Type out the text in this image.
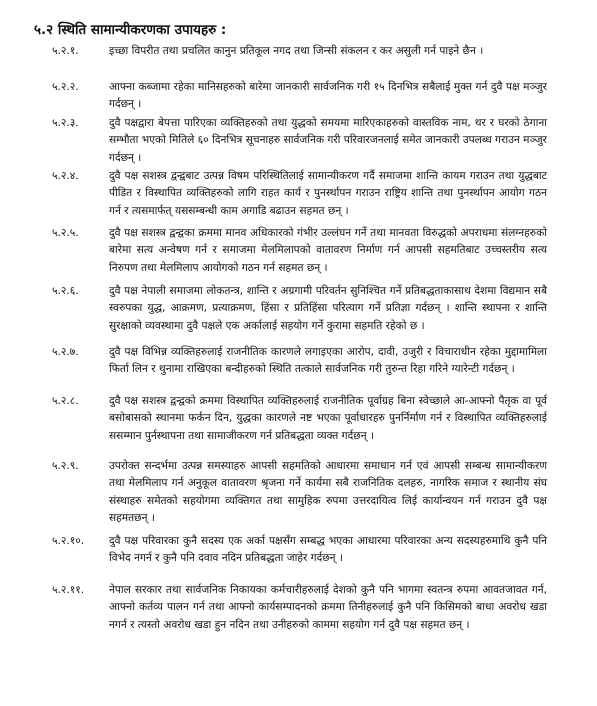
५.२ स्थिति सामान्यीकरणका उपायहरु :
५.२.१.	इच्छा विपरीत तथा प्रचलित कानुन प्रतिकूल नगद तथा जिन्सी संकलन र कर असुली गर्न पाइने छैन ।
५.२.२.	आफ्ना कब्जामा रहेका मानिसहरुको बारेमा जानकारी सार्वजनिक गरी १५ दिनभित्र सबैलाई मुक्त गर्न दुवै पक्ष मञ्जुर गर्दछन् ।
५.२.३.	दुवै पक्षद्वारा बेपत्ता पारिएका व्यक्तिहरुको तथा युद्धको समयमा मारिएकाहरुको वास्तविक नाम, थर र घरको ठेगाना सम्भौता भएको मितिले ६० दिनभित्र सूचनाहरु सार्वजनिक गरी परिवारजनलाई समेत जानकारी उपलब्ध गराउन मञ्जुर गर्दछन् ।
५.२.४.	दुवै पक्ष सशस्त्र द्वन्द्वबाट उत्पन्न विषम परिस्थितिलाई सामान्यीकरण गर्दै समाजमा शान्ति कायम गराउन तथा युद्धबाट पीडित र विस्थापित व्यक्तिहरुको लागि राहत कार्य र पुनर्स्थापन गराउन राष्ट्रिय शान्ति तथा पुनर्स्थापन आयोग गठन गर्न र त्यसमार्फत् यससम्बन्धी काम अगाडि बढाउन सहमत छन् ।
५.२.५.	दुवै पक्ष सशस्त्र द्वन्द्वका क्रममा मानव अधिकारको गंभीर उल्लंघन गर्ने तथा मानवता विरुद्धको अपराधमा संलग्नहरुको बारेमा सत्य अन्वेषण गर्न र समाजमा मेलमिलापको वातावरण निर्माण गर्न आपसी सहमतिबाट उच्चस्तरीय सत्य निरुपण तथा मेलमिलाप आयोगको गठन गर्न सहमत छन् ।
५.२.६.	दुवै पक्ष नेपाली समाजमा लोकतन्त्र, शान्ति र अग्रगामी परिवर्तन सुनिश्चित गर्ने प्रतिबद्धताकासाथ देशमा विद्यमान सबै स्वरुपका युद्ध, आक्रमण, प्रत्याक्रमण, हिंसा र प्रतिहिंसा परित्याग गर्ने प्रतिज्ञा गर्दछन् । शान्ति स्थापना र शान्ति सुरक्षाको व्यवस्थामा दुवै पक्षले एक अर्कालाई सहयोग गर्ने कुरामा सहमति रहेको छ ।
५.२.७.	दुवै पक्ष विभिन्न व्यक्तिहरुलाई राजनीतिक कारणले लगाइएका आरोप, दावी, उजुरी र विचाराधीन रहेका मुद्दामामिला फिर्ता लिन र थुनामा राखिएका बन्दीहरुको स्थिति तत्काले सार्वजनिक गरी तुरुन्त रिहा गरिने ग्यारेन्टी गर्दछन् ।
५.२.८.	दुवै पक्ष सशस्त्र द्वन्द्वको क्रममा विस्थापित व्यक्तिहरुलाई राजनीतिक पूर्वाग्रह बिना स्वेच्छाले आ-आफ्नो पैतृक वा पूर्व बसोबासको स्थानमा फर्कन दिन, युद्धका कारणले नष्ट भएका पूर्वाधारहरु पुनर्निर्माण गर्न र विस्थापित व्यक्तिहरुलाई ससम्मान पुर्नस्थापना तथा सामाजीकरण गर्न प्रतिबद्धता व्यक्त गर्दछन् ।
५.२.९.	उपरोक्त सन्दर्भमा उत्पन्न समस्याहरु आपसी सहमतिको आधारमा समाधान गर्न एवं आपसी सम्बन्ध सामान्यीकरण तथा मेलमिलाप गर्न अनुकूल वातावरण श्रृजना गर्ने कार्यमा सबै राजनितिक दलहरु, नागरिक समाज र स्थानीय संघ संस्थाहरु समेतको सहयोगमा व्यक्तिगत तथा सामुहिक रुपमा उत्तरदायित्व लिई कार्यान्वयन गर्न गराउन दुवै पक्ष सहमतछन् ।
५.२.१०. दुवै पक्ष परिवारका कुनै सदस्य एक अर्का पक्षसँग सम्बद्ध भएका आधारमा परिवारका अन्य सदस्यहरुमाथि कुनै पनि विभेद नगर्न र कुनै पनि दवाव नदिन प्रतिबद्धता जाहेर गर्दछन् ।
५.२.११. नेपाल सरकार तथा सार्वजनिक निकायका कर्मचारीहरुलाई देशको कुनै पनि भागमा स्वतन्त्र रुपमा आवतजावत गर्न, आफ्नो कर्तव्य पालन गर्न तथा आफ्नो कार्यसम्पादनको क्रममा तिनीहरुलाई कुनै पनि किसिमको बाधा अवरोध खडा नगर्न र त्यस्तो अवरोध खडा हुन नदिन तथा उनीहरुको काममा सहयोग गर्न दुवै पक्ष सहमत छन् ।
